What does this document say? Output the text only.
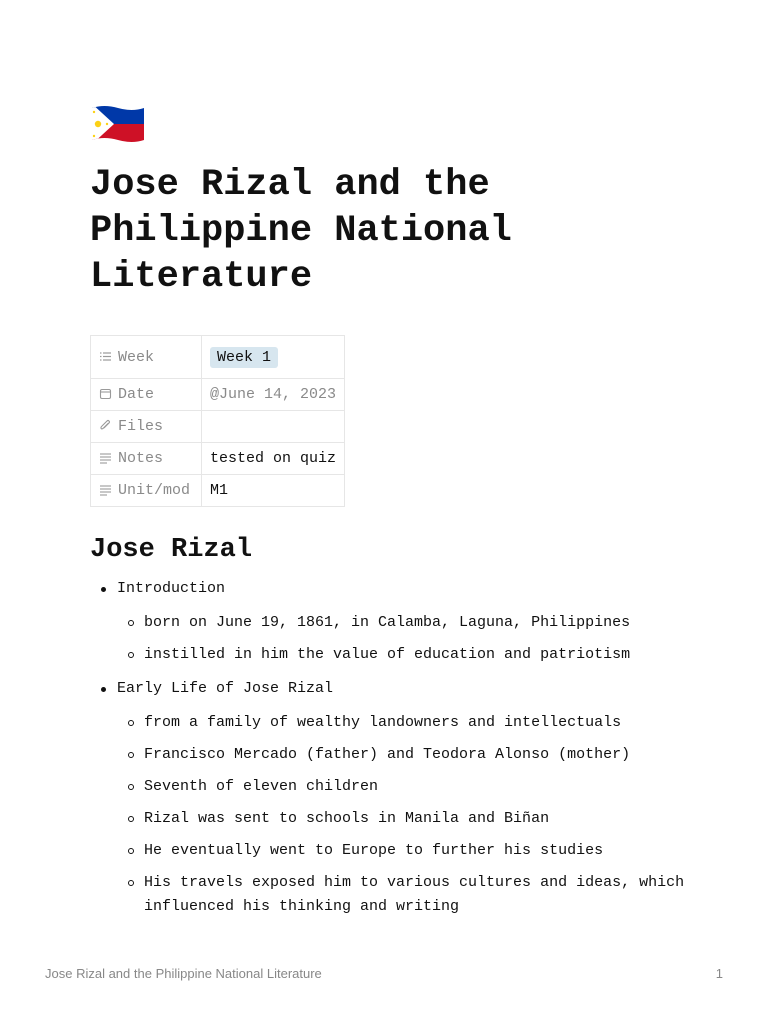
Jose Rizal and the Philippine National Literature
Week	Week 1
Date	@June 14, 2023
Files	
Notes	tested on quiz
Unit/mod	M1
Jose Rizal
Introduction
born on June 19, 1861, in Calamba, Laguna, Philippines
instilled in him the value of education and patriotism
Early Life of Jose Rizal
from a family of wealthy landowners and intellectuals
Francisco Mercado (father) and Teodora Alonso (mother)
Seventh of eleven children
Rizal was sent to schools in Manila and Biñan
He eventually went to Europe to further his studies
His travels exposed him to various cultures and ideas, which influenced his thinking and writing
Jose Rizal and the Philippine National Literature	1
